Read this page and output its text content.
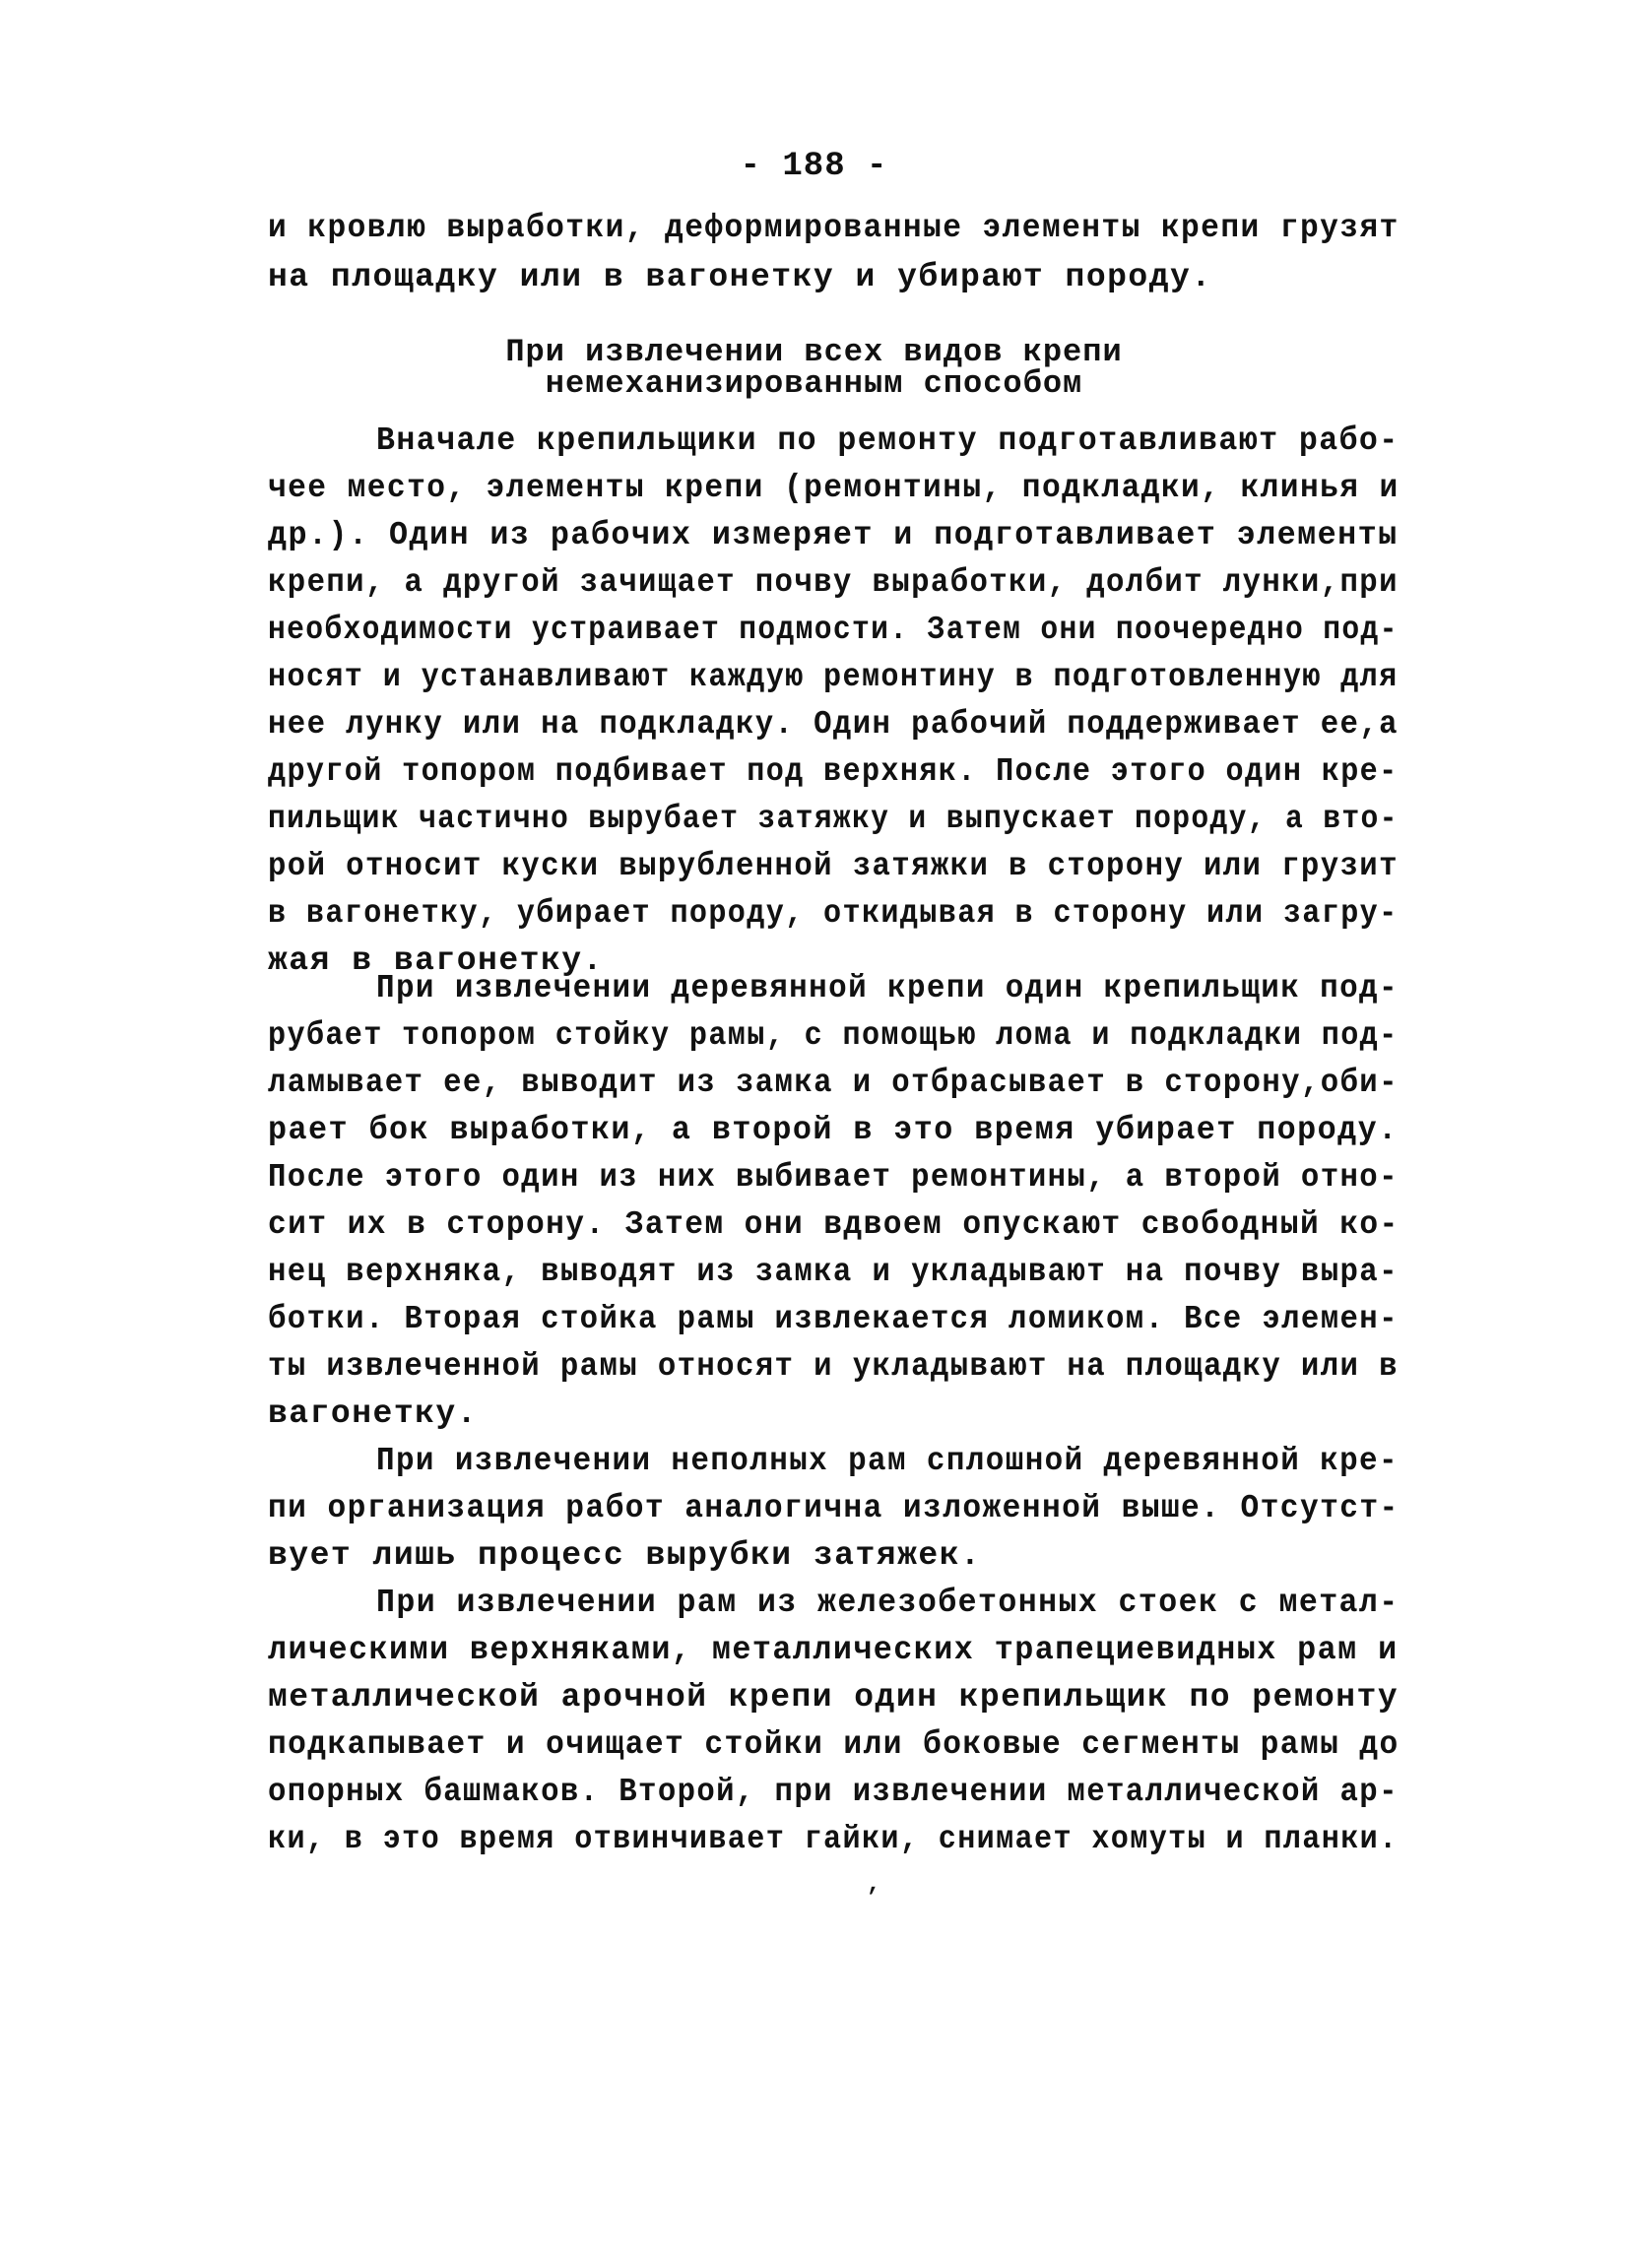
- 188 -
и кровлю выработки, деформированные элементы крепи грузят
на площадку или в вагонетку и убирают породу.
При извлечении всех видов крепи
немеханизированным способом
Вначале крепильщики по ремонту подготавливают рабо-
чее место, элементы крепи (ремонтины, подкладки, клинья и
др.). Один из рабочих измеряет и подготавливает элементы
крепи, а другой зачищает почву выработки, долбит лунки,при
необходимости устраивает подмости. Затем они поочередно под-
носят и устанавливают каждую ремонтину в подготовленную для
нее лунку или на подкладку. Один рабочий поддерживает ее,а
другой топором подбивает под верхняк. После этого один кре-
пильщик частично вырубает затяжку и выпускает породу, а вто-
рой относит куски вырубленной затяжки в сторону или грузит
в вагонетку, убирает породу, откидывая в сторону или загру-
жая в вагонетку.
При извлечении деревянной крепи один крепильщик под-
рубает топором стойку рамы, с помощью лома и подкладки под-
ламывает ее, выводит из замка и отбрасывает в сторону,оби-
рает бок выработки, а второй в это время убирает породу.
После этого один из них выбивает ремонтины, а второй отно-
сит их в сторону. Затем они вдвоем опускают свободный ко-
нец верхняка, выводят из замка и укладывают на почву выра-
ботки. Вторая стойка рамы извлекается ломиком. Все элемен-
ты извлеченной рамы относят и укладывают на площадку или в
вагонетку.
При извлечении неполных рам сплошной деревянной кре-
пи организация работ аналогична изложенной выше. Отсутст-
вует лишь процесс вырубки затяжек.
При извлечении рам из железобетонных стоек с метал-
лическими верхняками, металлических трапециевидных рам и
металлической арочной крепи один крепильщик по ремонту
подкапывает и очищает стойки или боковые сегменты рамы до
опорных башмаков. Второй, при извлечении металлической ар-
ки, в это время отвинчивает гайки, снимает хомуты и планки.
,
